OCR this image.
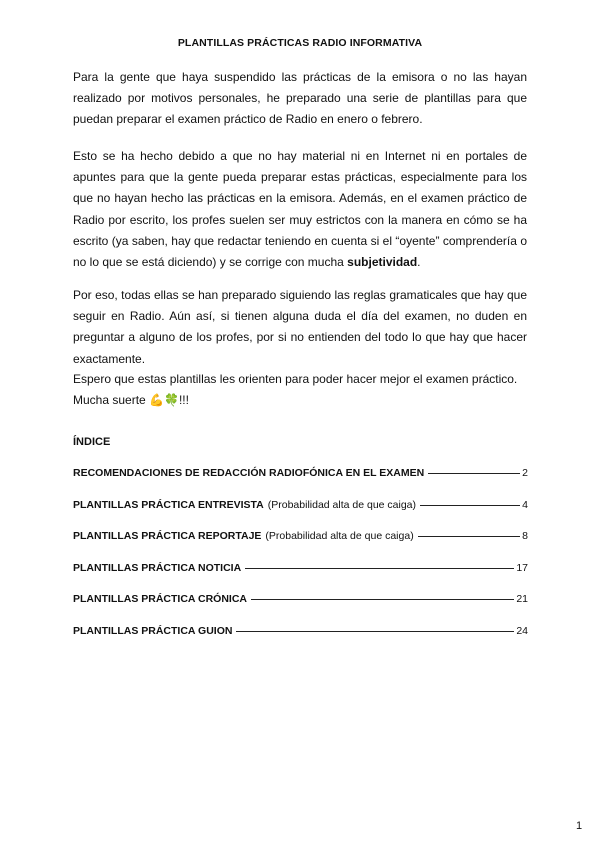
PLANTILLAS PRÁCTICAS RADIO INFORMATIVA

Para la gente que haya suspendido las prácticas de la emisora o no las hayan realizado por motivos personales, he preparado una serie de plantillas para que puedan preparar el examen práctico de Radio en enero o febrero.

Esto se ha hecho debido a que no hay material ni en Internet ni en portales de apuntes para que la gente pueda preparar estas prácticas, especialmente para los que no hayan hecho las prácticas en la emisora. Además, en el examen práctico de Radio por escrito, los profes suelen ser muy estrictos con la manera en cómo se ha escrito (ya saben, hay que redactar teniendo en cuenta si el “oyente” comprendería o no lo que se está diciendo) y se corrige con mucha subjetividad.

Por eso, todas ellas se han preparado siguiendo las reglas gramaticales que hay que seguir en Radio. Aún así, si tienen alguna duda el día del examen, no duden en preguntar a alguno de los profes, por si no entienden del todo lo que hay que hacer exactamente.

Espero que estas plantillas les orienten para poder hacer mejor el examen práctico.

Mucha suerte 💪🍀!!!

ÍNDICE
RECOMENDACIONES DE REDACCIÓN RADIOFÓNICA EN EL EXAMEN	2
PLANTILLAS PRÁCTICA ENTREVISTA (Probabilidad alta de que caiga)	4
PLANTILLAS PRÁCTICA REPORTAJE (Probabilidad alta de que caiga)	8
PLANTILLAS PRÁCTICA NOTICIA	17
PLANTILLAS PRÁCTICA CRÓNICA	21
PLANTILLAS PRÁCTICA GUION	24
1
